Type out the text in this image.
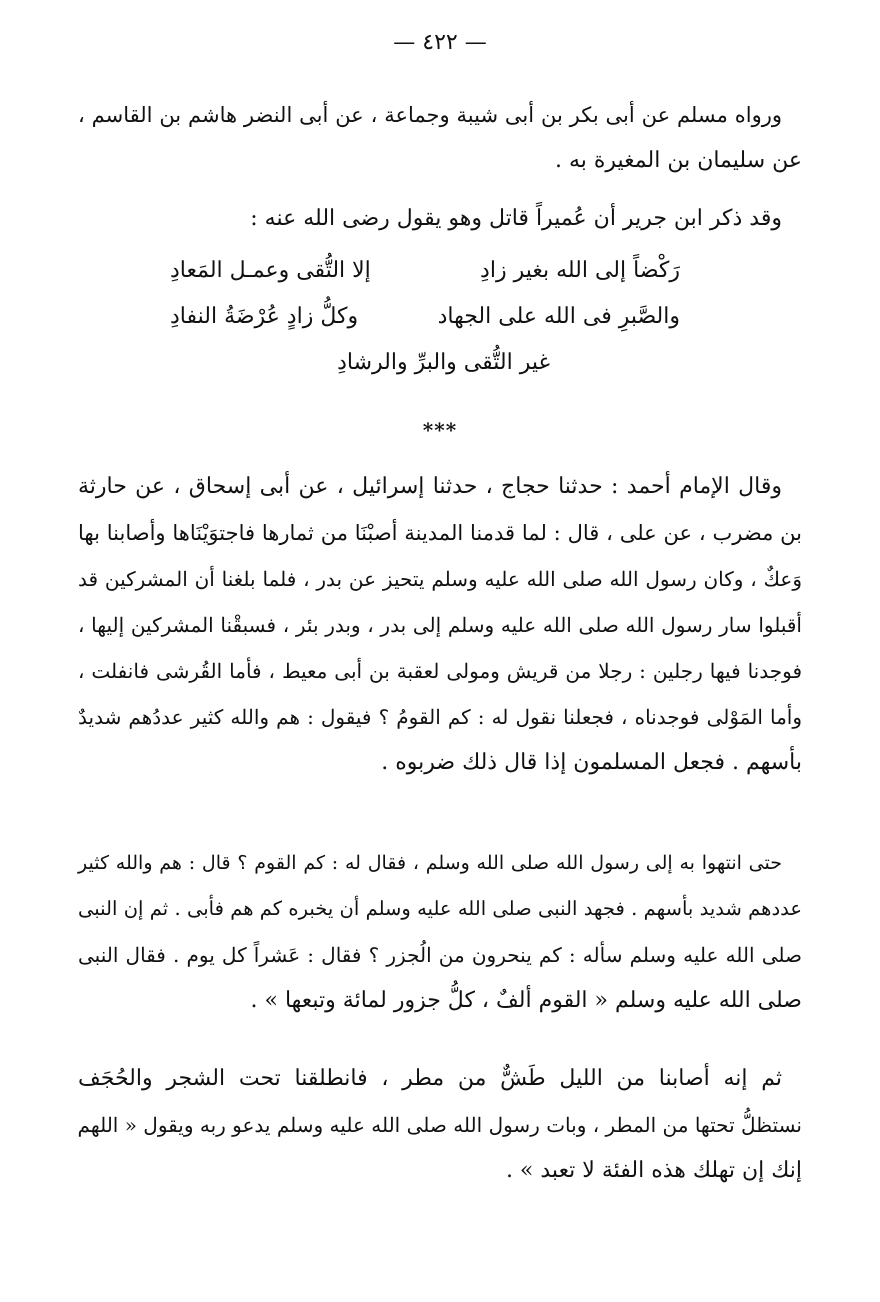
— ٤٢٢ —
ورواه مسلم عن أبى بكر بن أبى شيبة وجماعة ، عن أبى النضر هاشم بن القاسم ،
عن سليمان بن المغيرة به .
وقد ذكر ابن جرير أن عُميراً قاتل وهو يقول رضى الله عنه :
رَكْضاً إلى الله بغير زادِ
إلا التُّقى وعمـل المَعادِ
والصَّبرِ فى الله على الجهاد
وكلُّ زادٍ عُرْضَةُ النفادِ
غير التُّقى والبرِّ والرشادِ
***
وقال الإمام أحمد : حدثنا حجاج ، حدثنا إسرائيل ، عن أبى إسحاق ، عن حارثة
بن مضرب ، عن على ، قال : لما قدمنا المدينة أصبْنَا من ثمارها فاجتوَيْنَاها وأصابنا بها
وَعكٌ ، وكان رسول الله صلى الله عليه وسلم يتحيز عن بدر ، فلما بلغنا أن المشركين قد
أقبلوا سار رسول الله صلى الله عليه وسلم إلى بدر ، وبدر بئر ، فسبقْنا المشركين إليها ،
فوجدنا فيها رجلين : رجلا من قريش ومولى لعقبة بن أبى معيط ، فأما القُرشى فانفلت ،
وأما المَوْلى فوجدناه ، فجعلنا نقول له : كم القومُ ؟ فيقول : هم والله كثير عددُهم شديدٌ
بأسهم . فجعل المسلمون إذا قال ذلك ضربوه .
حتى انتهوا به إلى رسول الله صلى الله وسلم ، فقال له : كم القوم ؟ قال : هم والله كثير
عددهم شديد بأسهم . فجهد النبى صلى الله عليه وسلم أن يخبره كم هم فأبى . ثم إن النبى
صلى الله عليه وسلم سأله : كم ينحرون من الُجزر ؟ فقال : عَشراً كل يوم . فقال النبى
صلى الله عليه وسلم « القوم ألفٌ ، كلُّ جزور لمائة وتبعها » .
ثم إنه أصابنا من الليل طَشٌّ من مطر ، فانطلقنا تحت الشجر والحُجَف
نستظلُّ تحتها من المطر ، وبات رسول الله صلى الله عليه وسلم يدعو ربه ويقول « اللهم
إنك إن تهلك هذه الفئة لا تعبد » .
